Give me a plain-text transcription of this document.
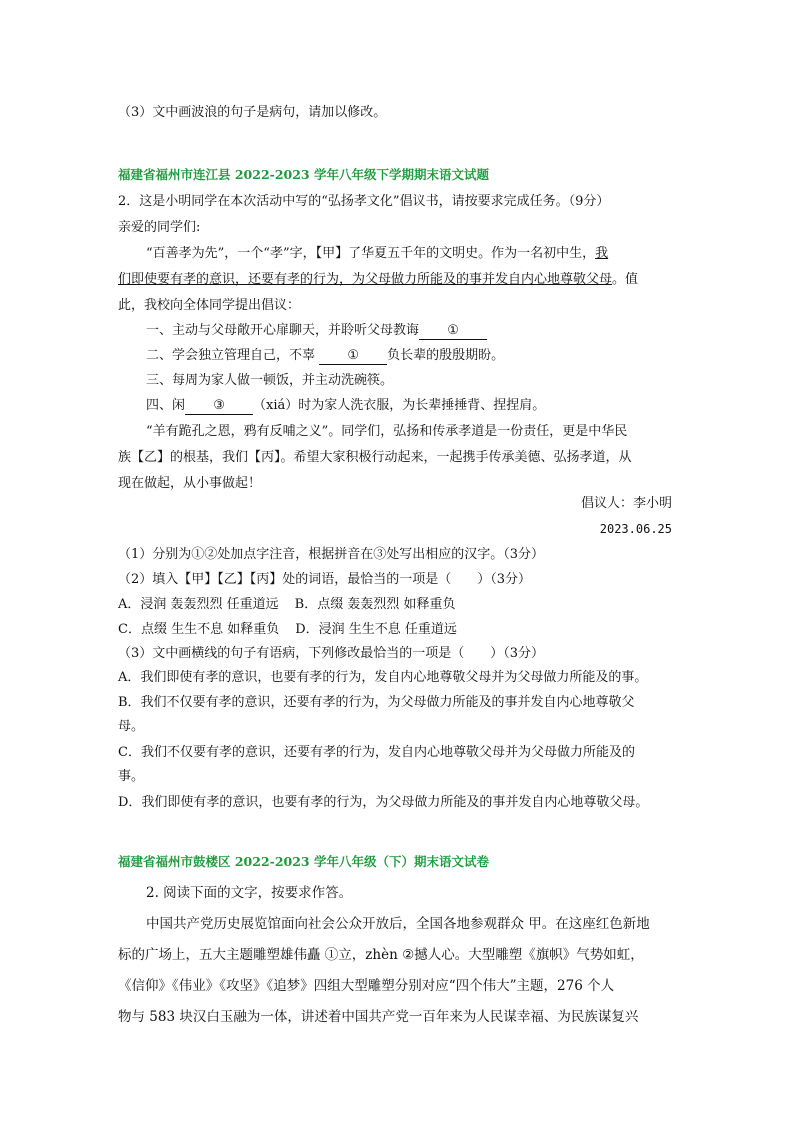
（3）文中画波浪的句子是病句，请加以修改。
福建省福州市连江县 2022-2023 学年八年级下学期期末语文试题
2．这是小明同学在本次活动中写的“弘扬孝文化”倡议书，请按要求完成任务。（9分）
亲爱的同学们:
“百善孝为先”，一个“孝”字，【甲】了华夏五千年的文明史。作为一名初中生，我
们即使要有孝的意识，还要有孝的行为，为父母做力所能及的事并发自内心地尊敬父母。值
此，我校向全体同学提出倡议：
一、主动与父母敞开心扉聊天，并聆听父母教诲 ①
二、学会独立管理自己，不辜 ① 负长辈的殷殷期盼。
三、每周为家人做一顿饭，并主动洗碗筷。
四、闲 ③ （xiá）时为家人洗衣服，为长辈捶捶背、捏捏肩。
“羊有跪孔之恩，鸦有反哺之义”。同学们，弘扬和传承孝道是一份责任，更是中华民
族【乙】的根基，我们【丙】。希望大家积极行动起来，一起携手传承美德、弘扬孝道，从
现在做起，从小事做起！
倡议人：李小明
2023.06.25
（1）分别为①②处加点字注音，根据拼音在③处写出相应的汉字。（3分）
（2）填入【甲】【乙】【丙】处的词语，最恰当的一项是（　　）（3分）
A．浸润 轰轰烈烈 任重道远 B．点缀 轰轰烈烈 如释重负
C．点缀 生生不息 如释重负 D．浸润 生生不息 任重道远
（3）文中画横线的句子有语病，下列修改最恰当的一项是（　　）（3分）
A．我们即使有孝的意识，也要有孝的行为，发自内心地尊敬父母并为父母做力所能及的事。
B．我们不仅要有孝的意识，还要有孝的行为，为父母做力所能及的事并发自内心地尊敬父
母。
C．我们不仅要有孝的意识，还要有孝的行为，发自内心地尊敬父母并为父母做力所能及的
事。
D．我们即使有孝的意识，也要有孝的行为，为父母做力所能及的事并发自内心地尊敬父母。
福建省福州市鼓楼区 2022-2023 学年八年级（下）期末语文试卷
2. 阅读下面的文字，按要求作答。
中国共产党历史展览馆面向社会公众开放后，全国各地参观群众 甲。在这座红色新地
标的广场上，五大主题雕塑雄伟矗 ①立，zhèn ②撼人心。大型雕塑《旗帜》气势如虹，
《信仰》《伟业》《攻坚》《追梦》四组大型雕塑分别对应“四个伟大”主题，276 个人
物与 583 块汉白玉融为一体，讲述着中国共产党一百年来为人民谋幸福、为民族谋复兴
